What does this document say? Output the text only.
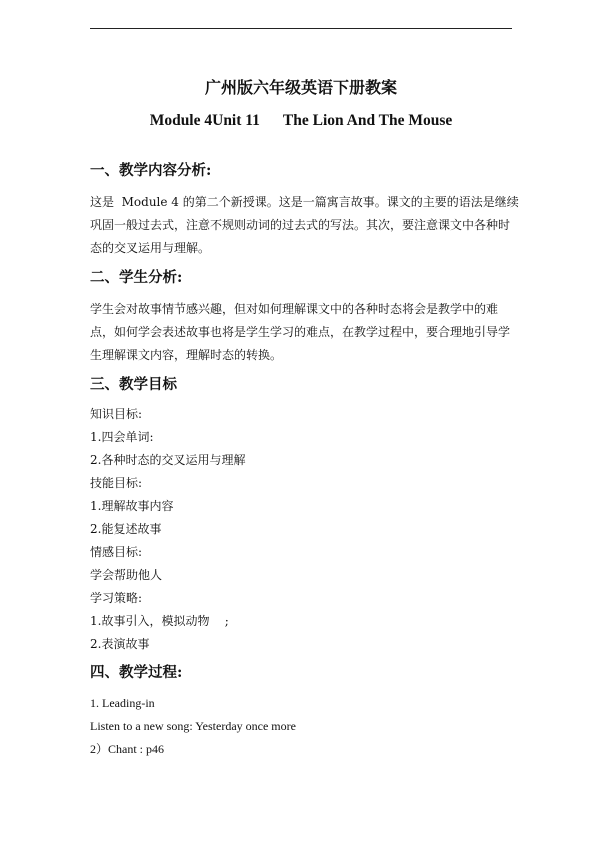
广州版六年级英语下册教案
Module 4Unit 11      The Lion And The Mouse
一、教学内容分析:
这是  Module 4 的第二个新授课。这是一篇寓言故事。课文的主要的语法是继续
巩固一般过去式，注意不规则动词的过去式的写法。其次，要注意课文中各种时
态的交叉运用与理解。
二、学生分析:
学生会对故事情节感兴趣，但对如何理解课文中的各种时态将会是教学中的难
点，如何学会表述故事也将是学生学习的难点，在教学过程中，要合理地引导学
生理解课文内容，理解时态的转换。
三、教学目标
知识目标:
1.四会单词:
2.各种时态的交叉运用与理解
技能目标:
1.理解故事内容
2.能复述故事
情感目标:
学会帮助他人
学习策略:
1.故事引入，模拟动物    ;
2.表演故事
四、教学过程:
1. Leading-in
Listen to a new song: Yesterday once more
2）Chant : p46
